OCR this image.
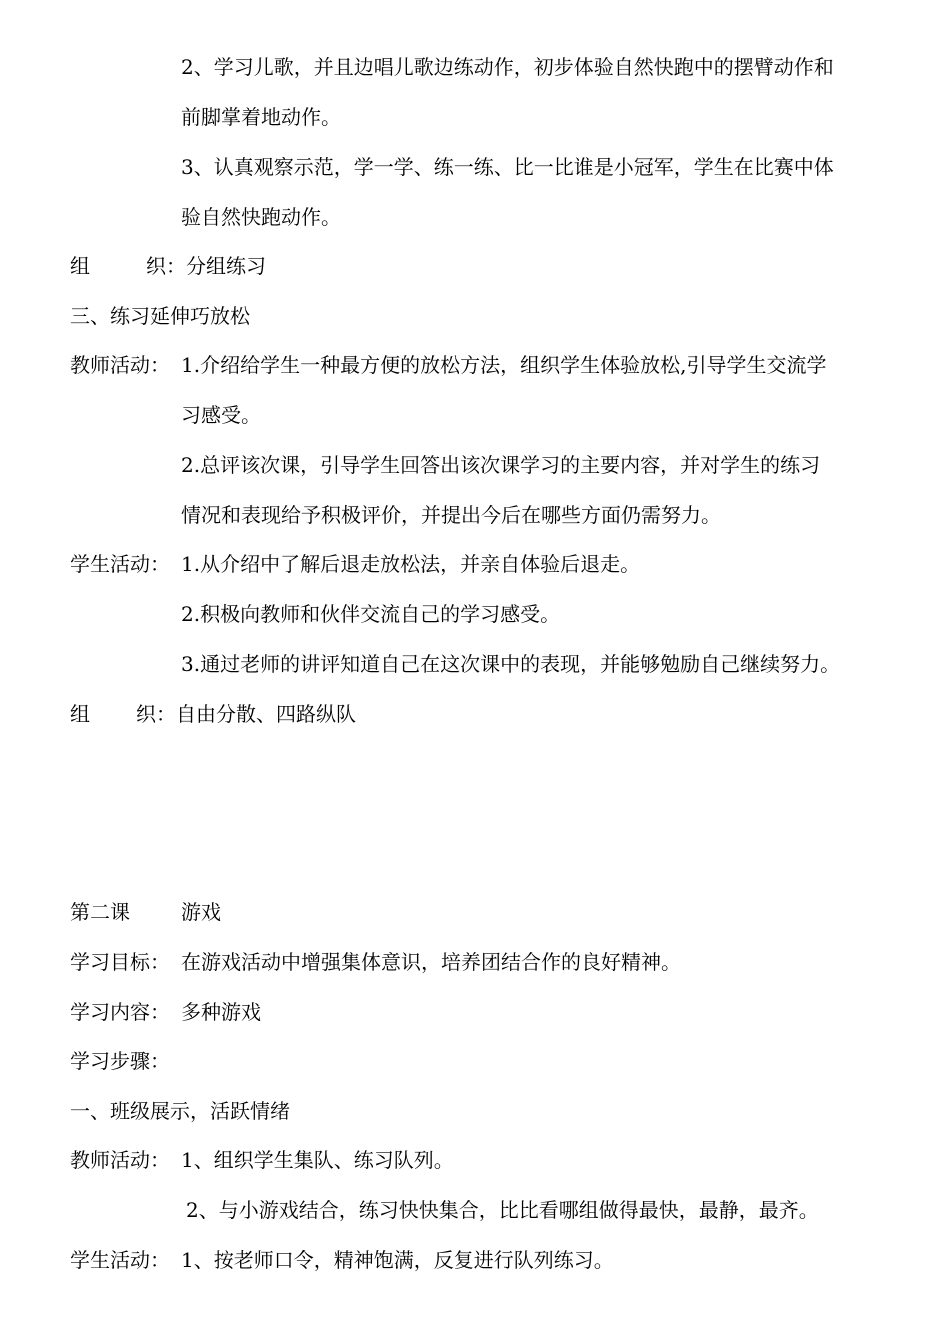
2、学习儿歌，并且边唱儿歌边练动作，初步体验自然快跑中的摆臂动作和
前脚掌着地动作。
3、认真观察示范，学一学、练一练、比一比谁是小冠军，学生在比赛中体
验自然快跑动作。
组	织：分组练习
三、练习延伸巧放松
教师活动： 1.介绍给学生一种最方便的放松方法，组织学生体验放松,引导学生交流学
习感受。
2.总评该次课，引导学生回答出该次课学习的主要内容，并对学生的练习
情况和表现给予积极评价，并提出今后在哪些方面仍需努力。
学生活动： 1.从介绍中了解后退走放松法，并亲自体验后退走。
2.积极向教师和伙伴交流自己的学习感受。
3.通过老师的讲评知道自己在这次课中的表现，并能够勉励自己继续努力。
组 织：自由分散、四路纵队
第二课	游戏
学习目标： 在游戏活动中增强集体意识，培养团结合作的良好精神。
学习内容： 多种游戏
学习步骤：
一、班级展示，活跃情绪
教师活动： 1、组织学生集队、练习队列。
2、与小游戏结合，练习快快集合，比比看哪组做得最快，最静，最齐。
学生活动： 1、按老师口令，精神饱满，反复进行队列练习。
